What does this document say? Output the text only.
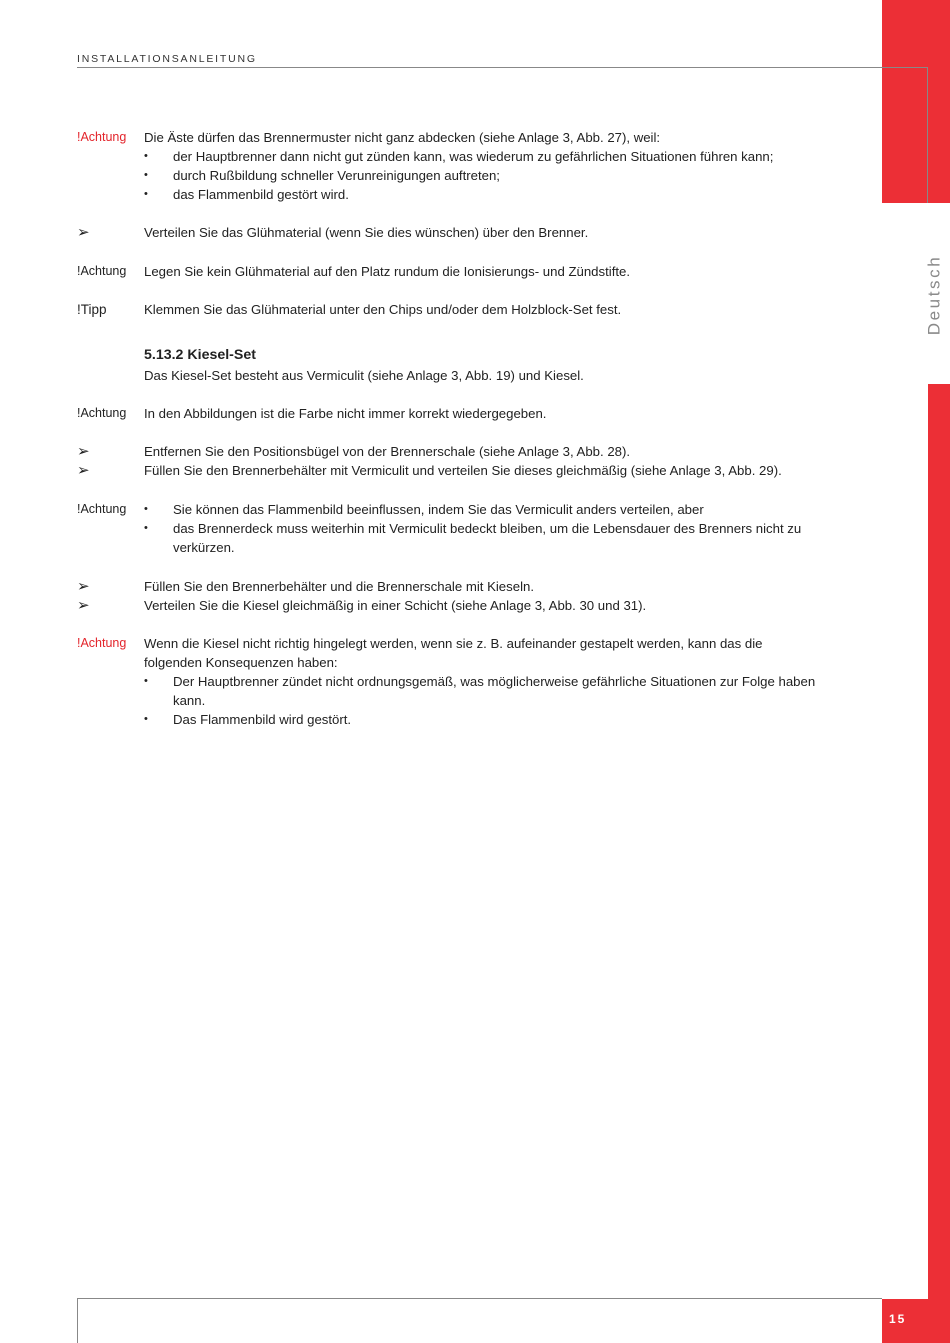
INSTALLATIONSANLEITUNG
Deutsch
15
!Achtung	Die Äste dürfen das Brennermuster nicht ganz abdecken (siehe Anlage 3, Abb. 27), weil:
• der Hauptbrenner dann nicht gut zünden kann, was wiederum zu gefährlichen Situationen führen kann;
• durch Rußbildung schneller Verunreinigungen auftreten;
• das Flammenbild gestört wird.
➢	Verteilen Sie das Glühmaterial (wenn Sie dies wünschen) über den Brenner.
!Achtung	Legen Sie kein Glühmaterial auf den Platz rundum die Ionisierungs- und Zündstifte.
!Tipp	Klemmen Sie das Glühmaterial unter den Chips und/oder dem Holzblock-Set fest.
5.13.2 Kiesel-Set
Das Kiesel-Set besteht aus Vermiculit (siehe Anlage 3, Abb. 19) und Kiesel.
!Achtung	In den Abbildungen ist die Farbe nicht immer korrekt wiedergegeben.
➢	Entfernen Sie den Positionsbügel von der Brennerschale (siehe Anlage 3, Abb. 28).
➢	Füllen Sie den Brennerbehälter mit Vermiculit und verteilen Sie dieses gleichmäßig (siehe Anlage 3, Abb. 29).
!Achtung	• Sie können das Flammenbild beeinflussen, indem Sie das Vermiculit anders verteilen, aber
• das Brennerdeck muss weiterhin mit Vermiculit bedeckt bleiben, um die Lebensdauer des Brenners nicht zu verkürzen.
➢	Füllen Sie den Brennerbehälter und die Brennerschale mit Kieseln.
➢	Verteilen Sie die Kiesel gleichmäßig in einer Schicht (siehe Anlage 3, Abb. 30 und 31).
!Achtung	Wenn die Kiesel nicht richtig hingelegt werden, wenn sie z. B. aufeinander gestapelt werden, kann das die folgenden Konsequenzen haben:
• Der Hauptbrenner zündet nicht ordnungsgemäß, was möglicherweise gefährliche Situationen zur Folge haben kann.
• Das Flammenbild wird gestört.
